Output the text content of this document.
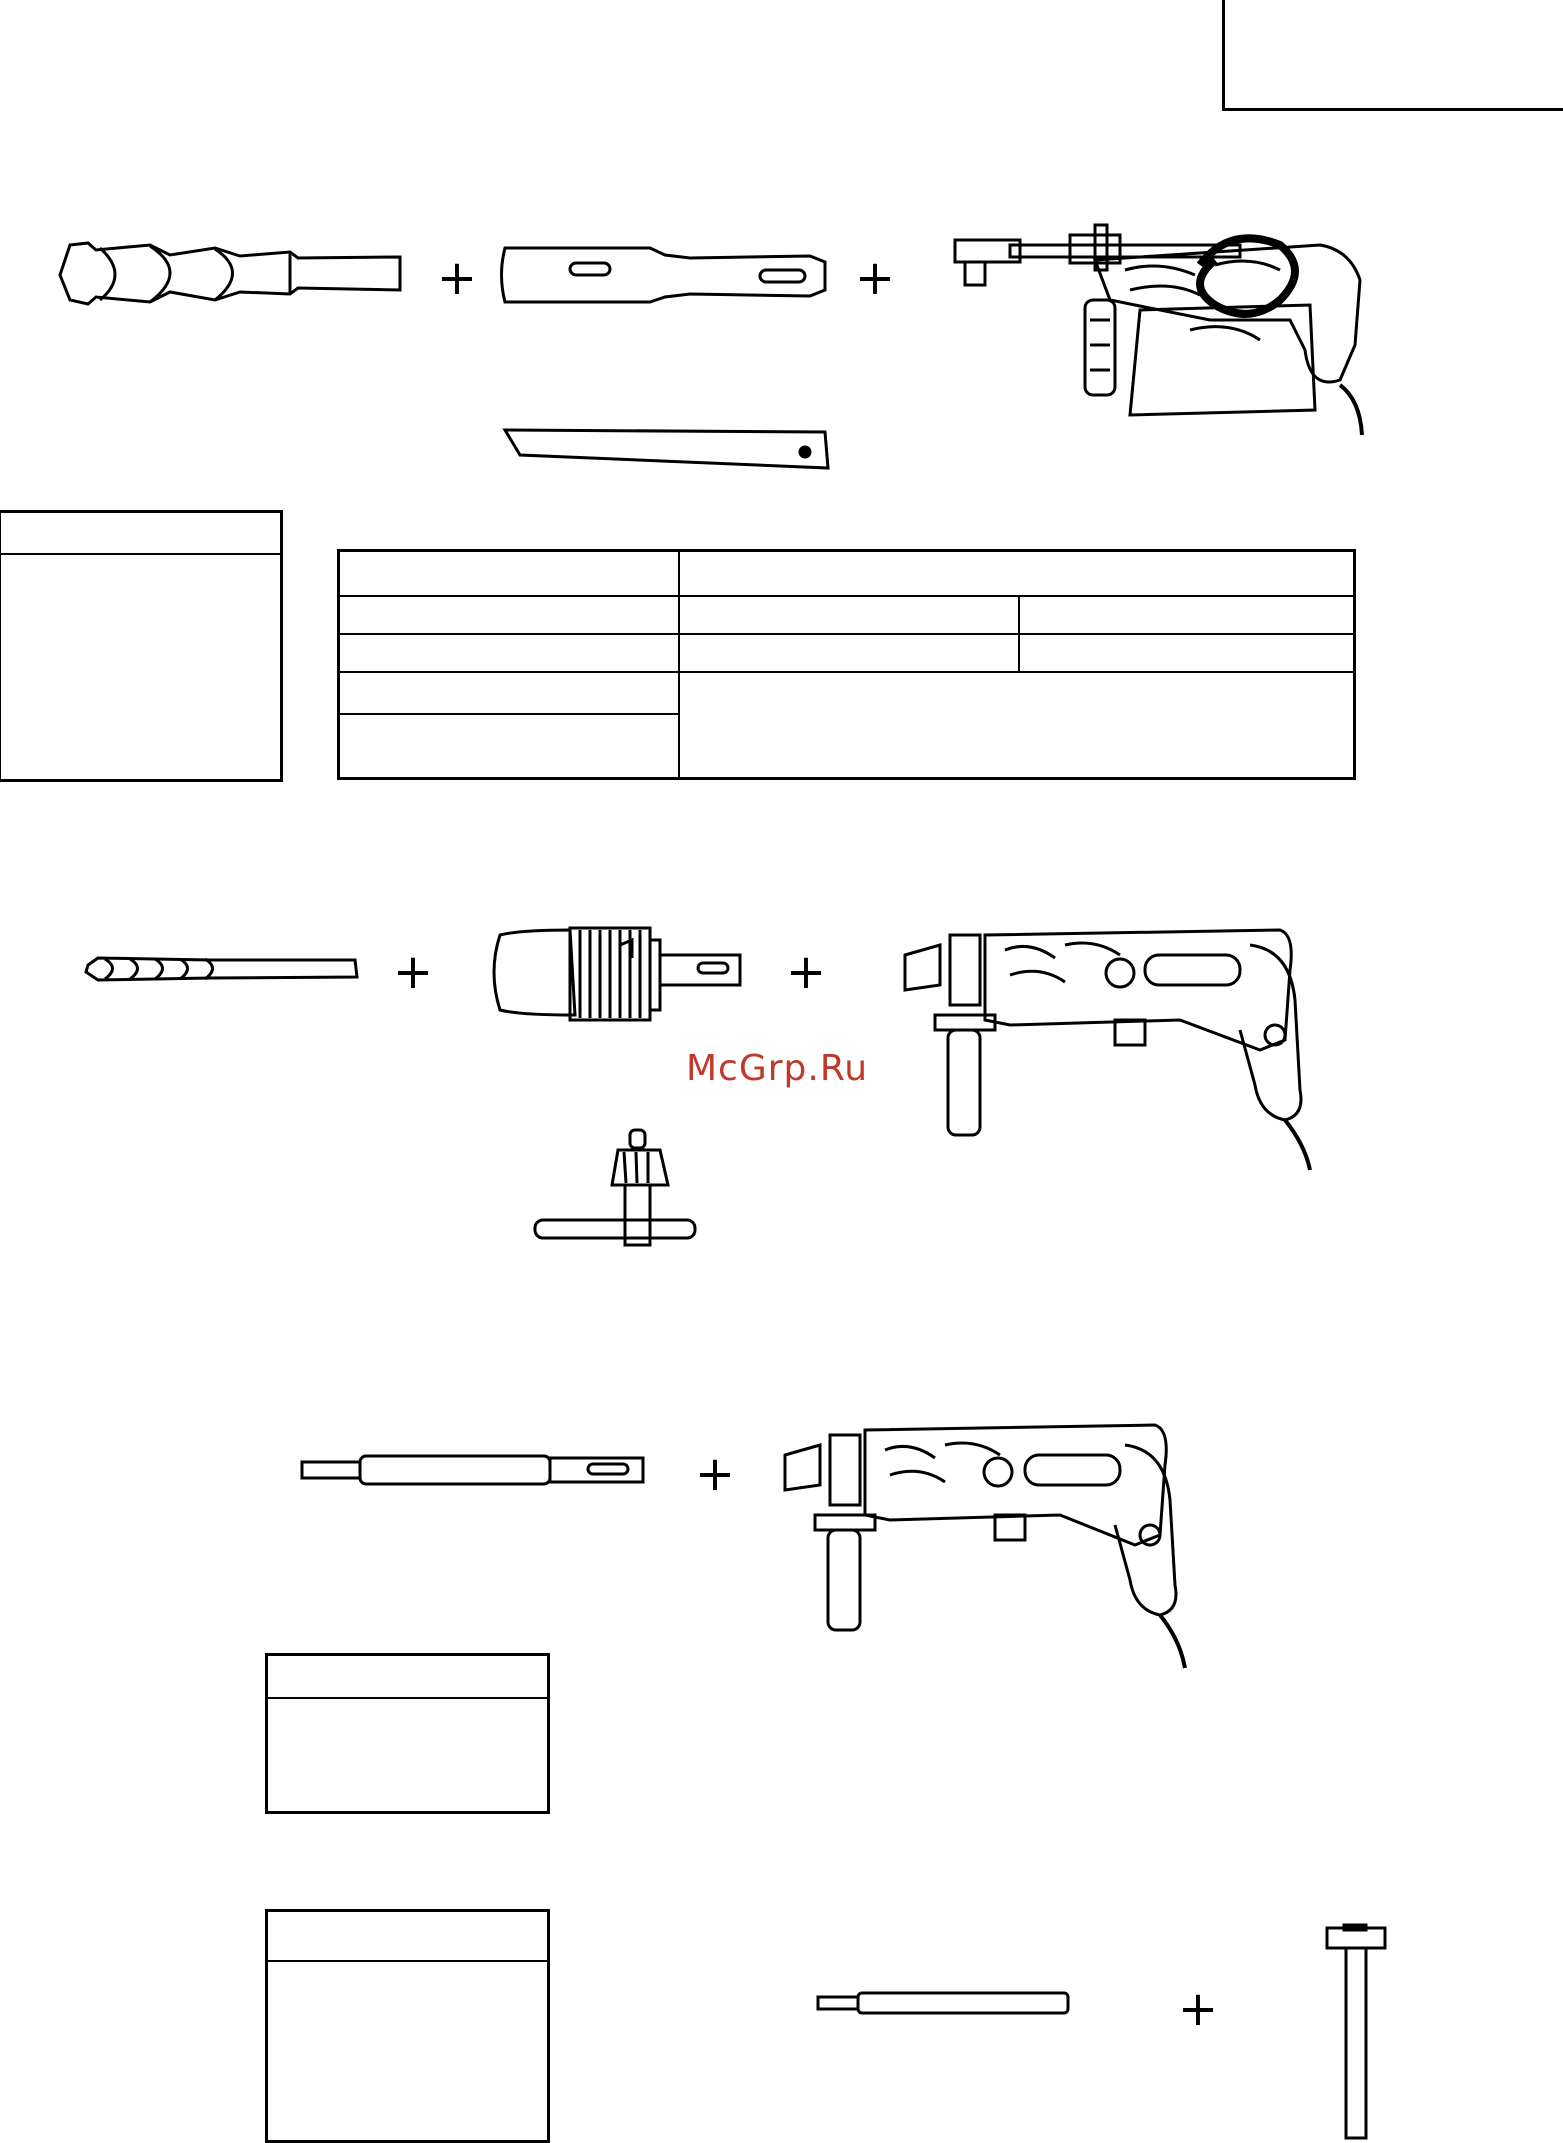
+	+

+	+
McGrp.Ru
+
+
